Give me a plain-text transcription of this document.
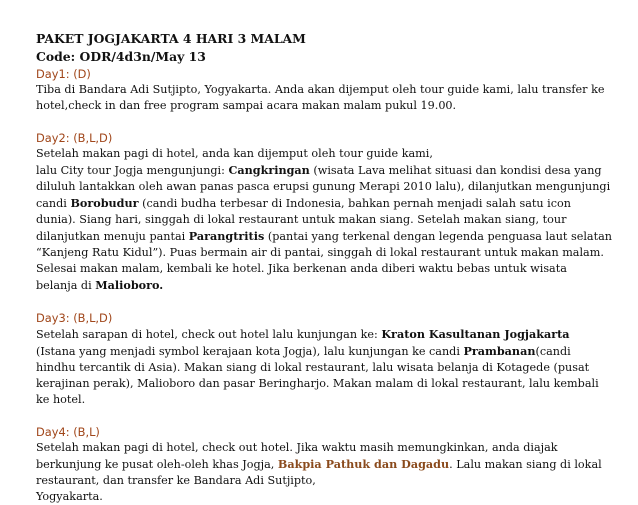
PAKET JOGJAKARTA 4 HARI 3 MALAM

Code: ODR/4d3n/May 13

Day1: (D)

Tiba di Bandara Adi Sutjipto, Yogyakarta. Anda akan dijemput oleh tour guide kami, lalu transfer ke

hotel,check in dan free program sampai acara makan malam pukul 19.00.

Day2: (B,L,D)

Setelah makan pagi di hotel, anda kan dijemput oleh tour guide kami,

lalu City tour Jogja mengunjungi: Cangkringan (wisata Lava melihat situasi dan kondisi desa yang

diluluh lantakkan oleh awan panas pasca erupsi gunung Merapi 2010 lalu), dilanjutkan mengunjungi

candi Borobudur (candi budha terbesar di Indonesia, bahkan pernah menjadi salah satu icon

dunia). Siang hari, singgah di lokal restaurant untuk makan siang. Setelah makan siang, tour

dilanjutkan menuju pantai Parangtritis (pantai yang terkenal dengan legenda penguasa laut selatan

“Kanjeng Ratu Kidul”). Puas bermain air di pantai, singgah di lokal restaurant untuk makan malam.

Selesai makan malam, kembali ke hotel. Jika berkenan anda diberi waktu bebas untuk wisata

belanja di Malioboro.

Day3: (B,L,D)

Setelah sarapan di hotel, check out hotel lalu kunjungan ke: Kraton Kasultanan Jogjakarta

(Istana yang menjadi symbol kerajaan kota Jogja), lalu kunjungan ke candi Prambanan(candi

hindhu tercantik di Asia). Makan siang di lokal restaurant, lalu wisata belanja di Kotagede (pusat

kerajinan perak), Malioboro dan pasar Beringharjo. Makan malam di lokal restaurant, lalu kembali

ke hotel.

Day4: (B,L)

Setelah makan pagi di hotel, check out hotel. Jika waktu masih memungkinkan, anda diajak

berkunjung ke pusat oleh-oleh khas Jogja, Bakpia Pathuk dan Dagadu. Lalu makan siang di lokal

restaurant, dan transfer ke Bandara Adi Sutjipto,

Yogyakarta.
